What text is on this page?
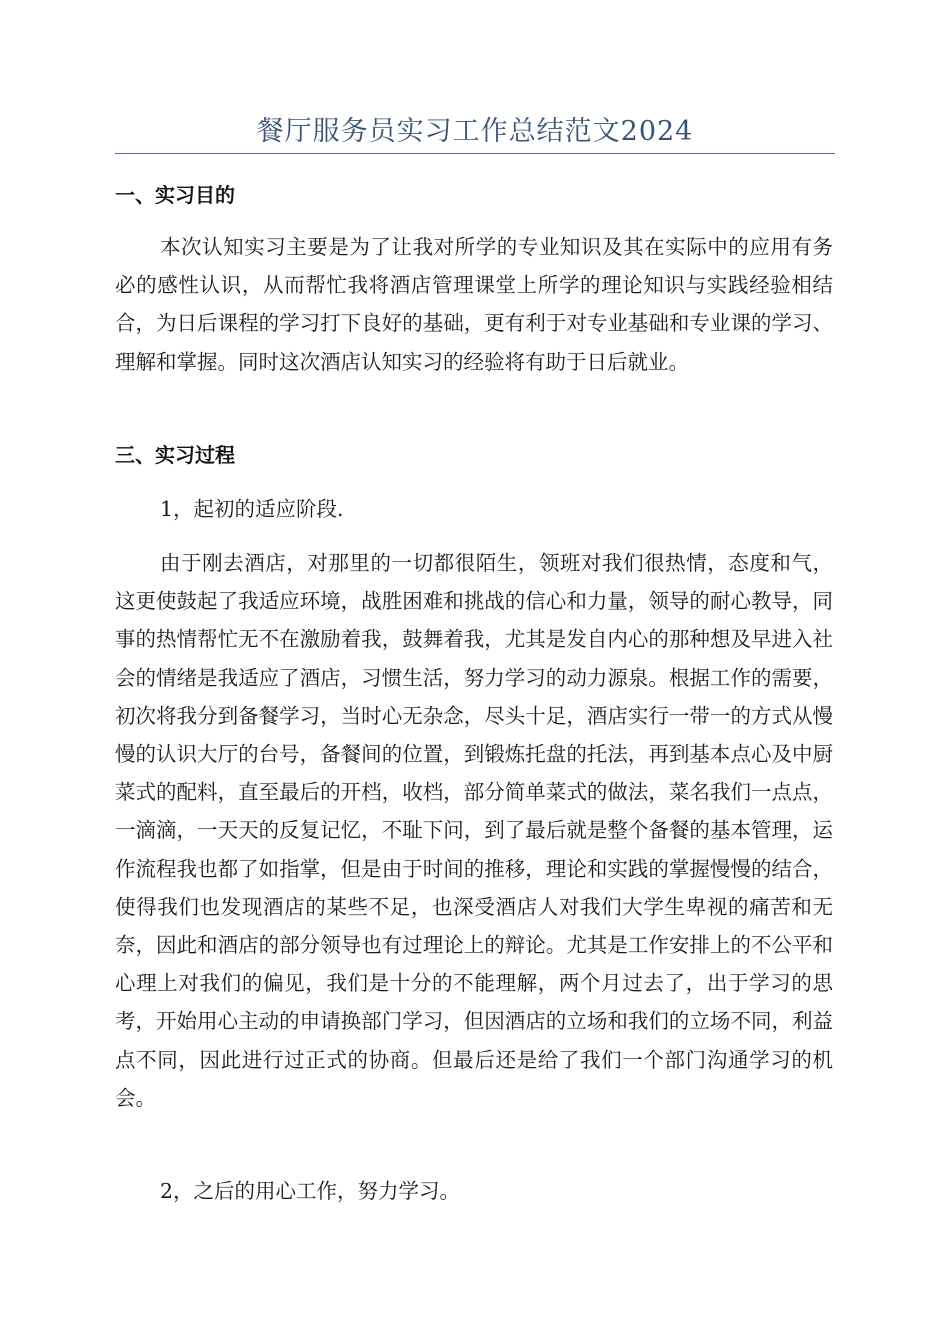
餐厅服务员实习工作总结范文2024
一、实习目的

本次认知实习主要是为了让我对所学的专业知识及其在实际中的应用有务必的感性认识，从而帮忙我将酒店管理课堂上所学的理论知识与实践经验相结合，为日后课程的学习打下良好的基础，更有利于对专业基础和专业课的学习、理解和掌握。同时这次酒店认知实习的经验将有助于日后就业。

三、实习过程

1，起初的适应阶段.

由于刚去酒店，对那里的一切都很陌生，领班对我们很热情，态度和气，这更使鼓起了我适应环境，战胜困难和挑战的信心和力量，领导的耐心教导，同事的热情帮忙无不在激励着我，鼓舞着我，尤其是发自内心的那种想及早进入社会的情绪是我适应了酒店，习惯生活，努力学习的动力源泉。根据工作的需要，初次将我分到备餐学习，当时心无杂念，尽头十足，酒店实行一带一的方式从慢慢的认识大厅的台号，备餐间的位置，到锻炼托盘的托法，再到基本点心及中厨菜式的配料，直至最后的开档，收档，部分简单菜式的做法，菜名我们一点点，一滴滴，一天天的反复记忆，不耻下问，到了最后就是整个备餐的基本管理，运作流程我也都了如指掌，但是由于时间的推移，理论和实践的掌握慢慢的结合，使得我们也发现酒店的某些不足，也深受酒店人对我们大学生卑视的痛苦和无奈，因此和酒店的部分领导也有过理论上的辩论。尤其是工作安排上的不公平和心理上对我们的偏见，我们是十分的不能理解，两个月过去了，出于学习的思考，开始用心主动的申请换部门学习，但因酒店的立场和我们的立场不同，利益点不同，因此进行过正式的协商。但最后还是给了我们一个部门沟通学习的机会。

2，之后的用心工作，努力学习。
